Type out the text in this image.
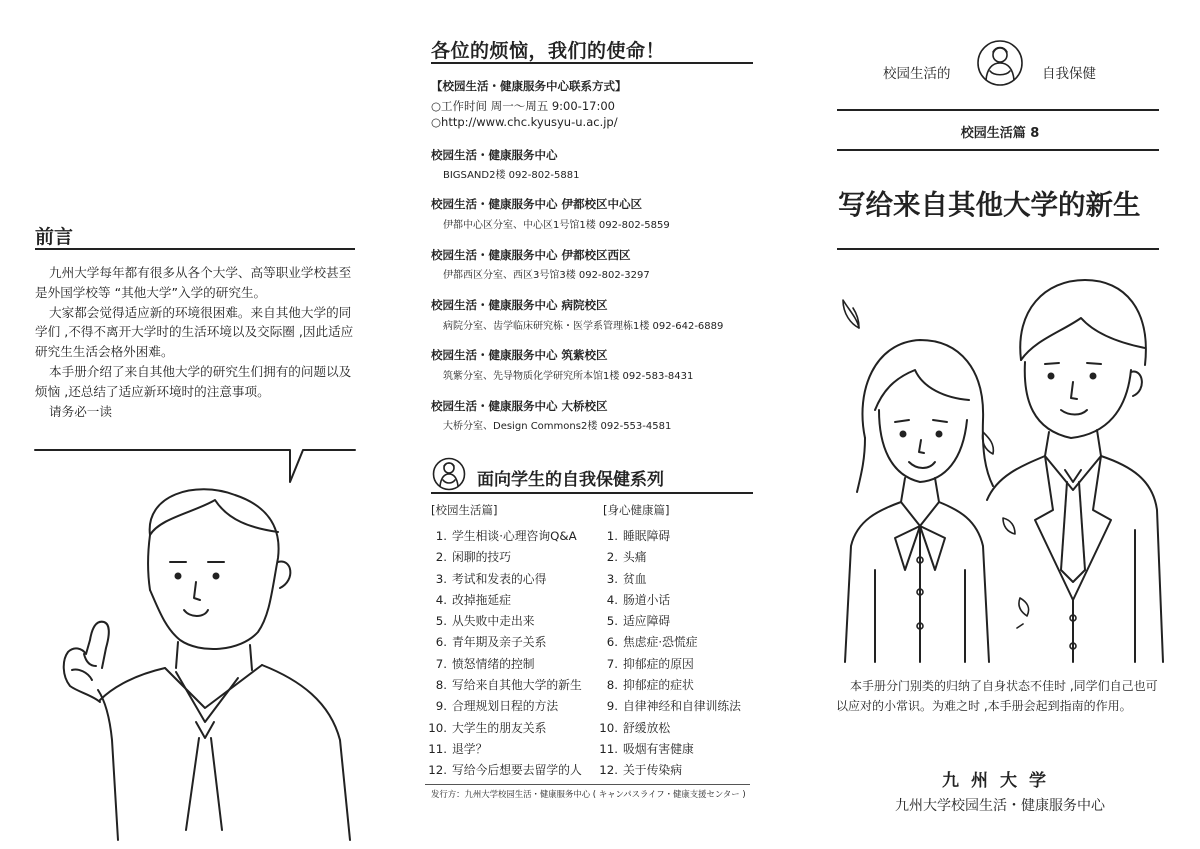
前言

九州大学每年都有很多从各个大学、高等职业学校甚至是外国学校等 “其他大学”入学的研究生。

大家都会觉得适应新的环境很困难。来自其他大学的同学们 ,不得不离开大学时的生活环境以及交际圈 ,因此适应研究生生活会格外困难。

本手册介绍了来自其他大学的研究生们拥有的问题以及烦恼 ,还总结了适应新环境时的注意事项。

请务必一读

各位的烦恼，我们的使命！
【校园生活・健康服务中心联系方式】
○工作时间 周一～周五 9:00-17:00
○http://www.chc.kyusyu-u.ac.jp/
校园生活・健康服务中心
BIGSAND2楼 092-802-5881
校园生活・健康服务中心 伊都校区中心区
伊都中心区分室、中心区1号馆1楼 092-802-5859
校园生活・健康服务中心 伊都校区西区
伊都西区分室、西区3号馆3楼 092-802-3297
校园生活・健康服务中心 病院校区
病院分室、齿学临床研究栋・医学系管理栋1楼 092-642-6889
校园生活・健康服务中心 筑紫校区
筑紫分室、先导物质化学研究所本馆1楼 092-583-8431
校园生活・健康服务中心 大桥校区
大桥分室、Design Commons2楼 092-553-4581
面向学生的自我保健系列
[校园生活篇]	[身心健康篇]
1. 学生相谈·心理咨询Q&A
2. 闲聊的技巧
3. 考试和发表的心得
4. 改掉拖延症
5. 从失败中走出来
6. 青年期及亲子关系
7. 愤怒情绪的控制
8. 写给来自其他大学的新生
9. 合理规划日程的方法
10. 大学生的朋友关系
11. 退学？
12. 写给今后想要去留学的人
1. 睡眠障碍
2. 头痛
3. 贫血
4. 肠道小话
5. 适应障碍
6. 焦虑症·恐慌症
7. 抑郁症的原因
8. 抑郁症的症状
9. 自律神经和自律训练法
10. 舒缓放松
11. 吸烟有害健康
12. 关于传染病
发行方：九州大学校园生活・健康服务中心 ( キャンパスライフ・健康支援センター )
校园生活的	自我保健
校园生活篇 8
写给来自其他大学的新生
本手册分门别类的归纳了自身状态不佳时 ,同学们自己也可以应对的小常识。为难之时 ,本手册会起到指南的作用。
九州大学
九州大学校园生活・健康服务中心
